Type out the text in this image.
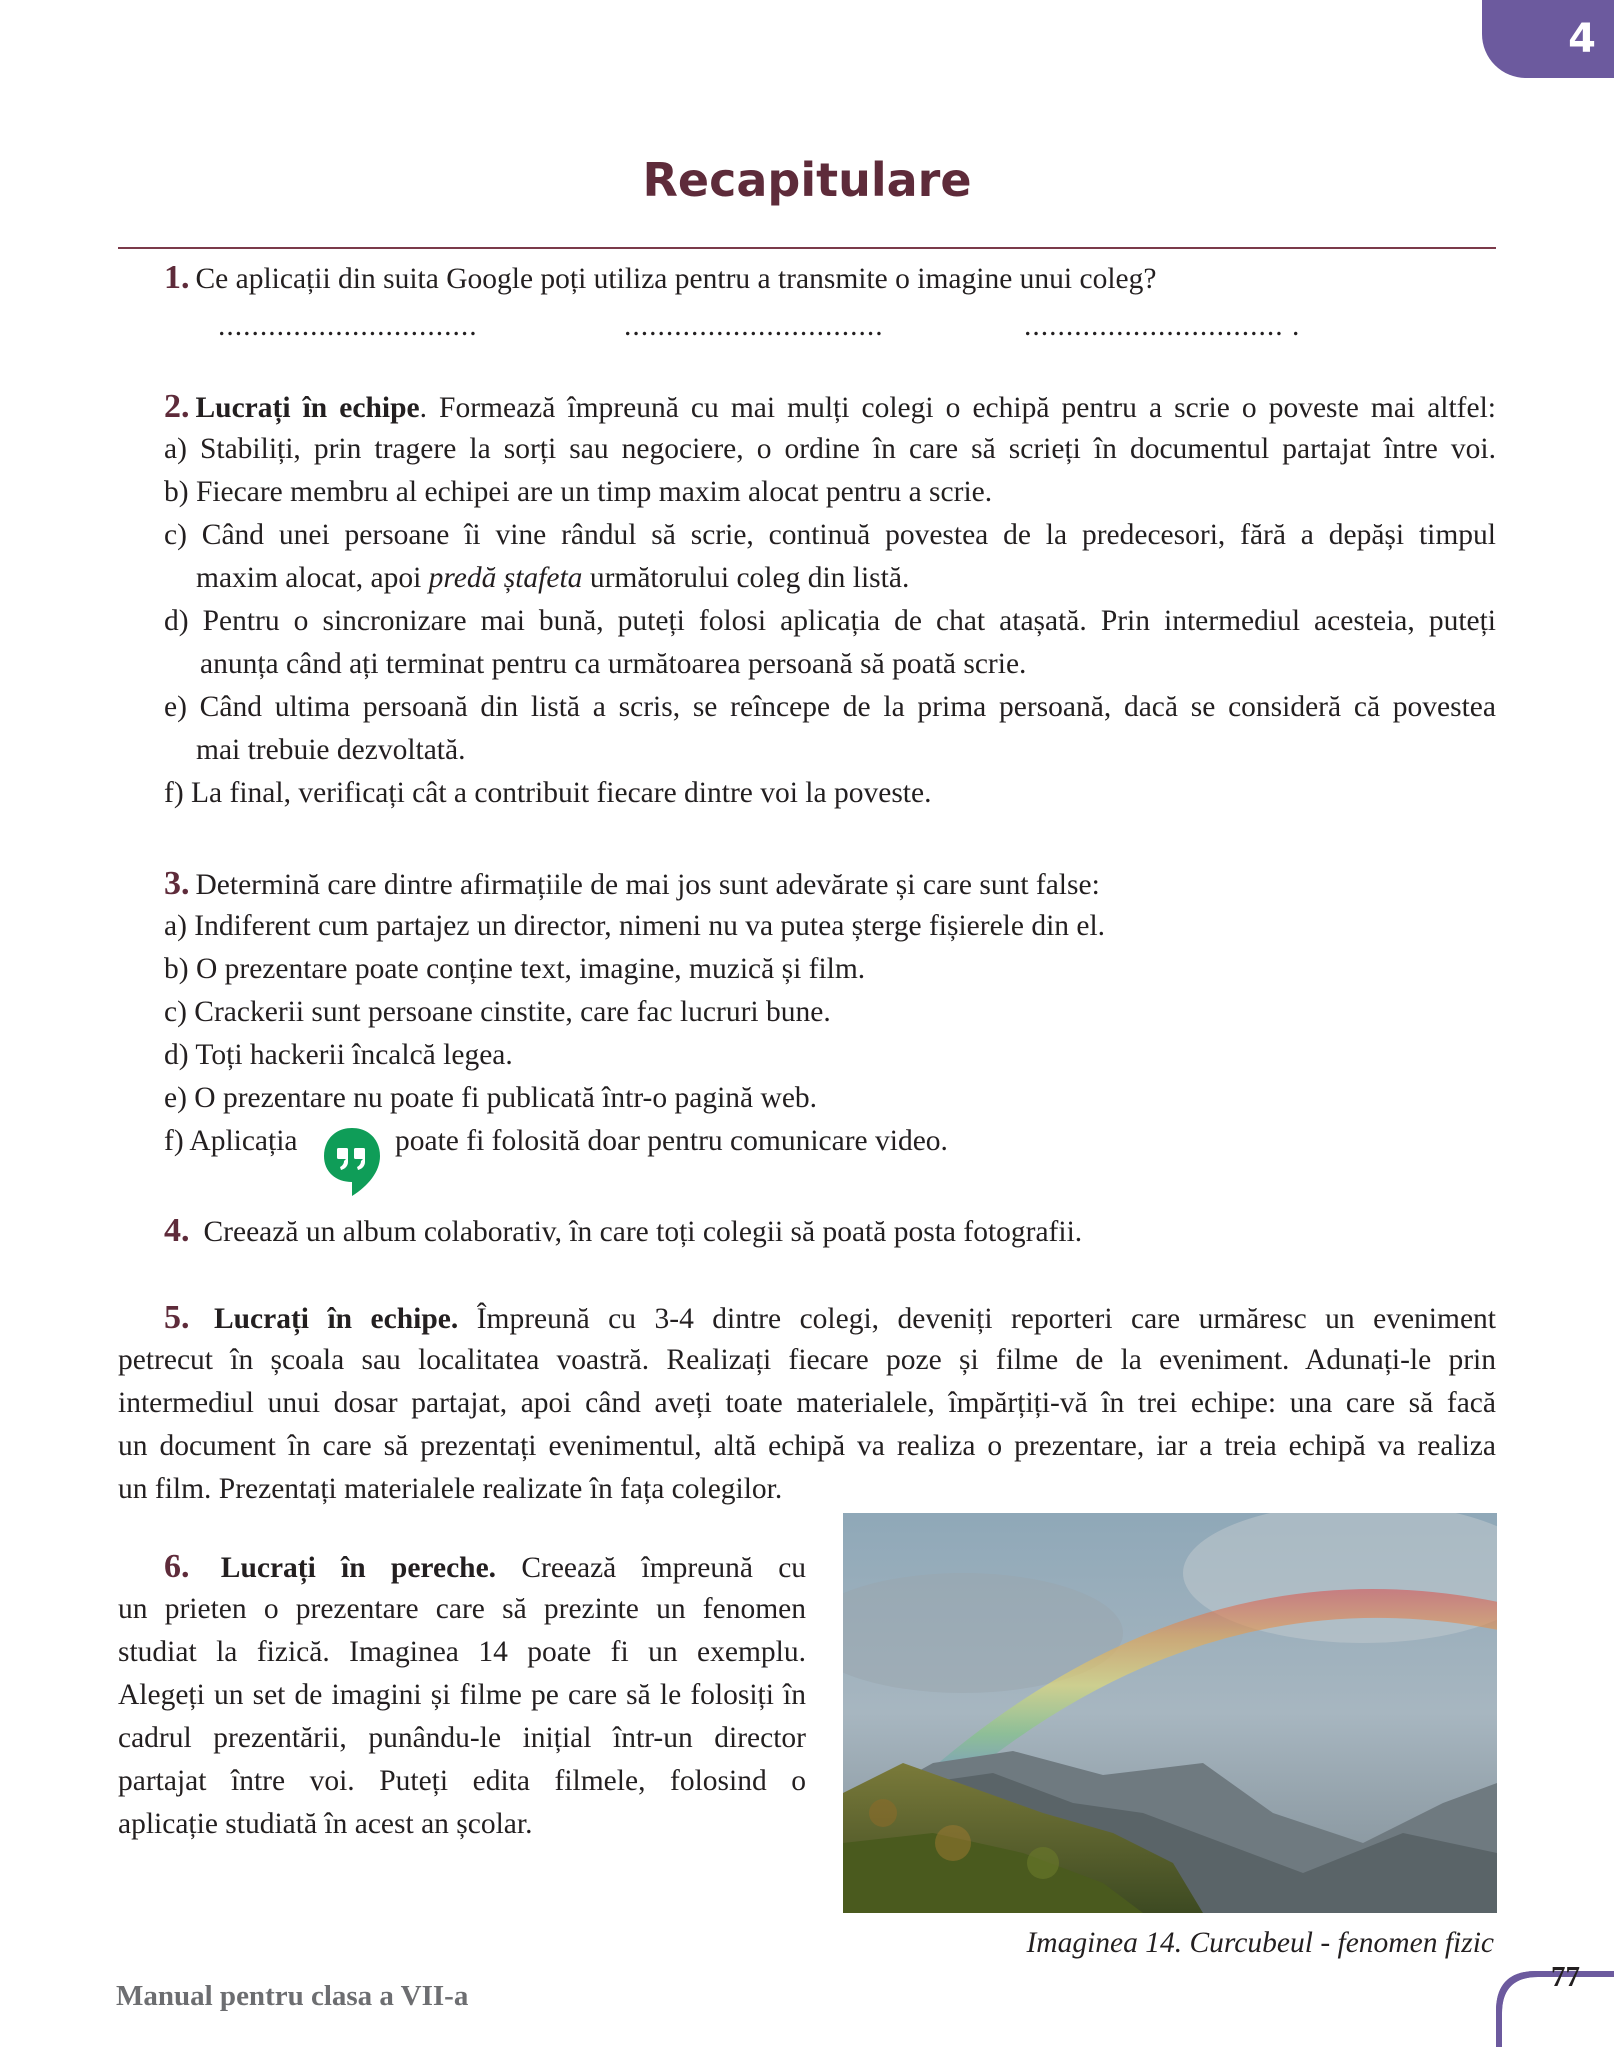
4
Recapitulare
1. Ce aplicații din suita Google poți utiliza pentru a transmite o imagine unui coleg?
...............................	...............................	............................... .
2. Lucrați în echipe. Formează împreună cu mai mulți colegi o echipă pentru a scrie o poveste mai altfel:
a) Stabiliți, prin tragere la sorți sau negociere, o ordine în care să scrieți în documentul partajat între voi.
b) Fiecare membru al echipei are un timp maxim alocat pentru a scrie.
c) Când unei persoane îi vine rândul să scrie, continuă povestea de la predecesori, fără a depăși timpul
maxim alocat, apoi predă ștafeta următorului coleg din listă.
d) Pentru o sincronizare mai bună, puteți folosi aplicația de chat atașată. Prin intermediul acesteia, puteți
anunța când ați terminat pentru ca următoarea persoană să poată scrie.
e) Când ultima persoană din listă a scris, se reîncepe de la prima persoană, dacă se consideră că povestea
mai trebuie dezvoltată.
f) La final, verificați cât a contribuit fiecare dintre voi la poveste.
3. Determină care dintre afirmațiile de mai jos sunt adevărate și care sunt false:
a) Indiferent cum partajez un director, nimeni nu va putea șterge fișierele din el.
b) O prezentare poate conține text, imagine, muzică și film.
c) Crackerii sunt persoane cinstite, care fac lucruri bune.
d) Toți hackerii încalcă legea.
e) O prezentare nu poate fi publicată într-o pagină web.
f) Aplicația	poate fi folosită doar pentru comunicare video.
4. Creează un album colaborativ, în care toți colegii să poată posta fotografii.
5. Lucrați în echipe. Împreună cu 3-4 dintre colegi, deveniți reporteri care urmăresc un eveniment
petrecut în școala sau localitatea voastră. Realizați fiecare poze și filme de la eveniment. Adunați-le prin
intermediul unui dosar partajat, apoi când aveți toate materialele, împărțiți-vă în trei echipe: una care să facă
un document în care să prezentați evenimentul, altă echipă va realiza o prezentare, iar a treia echipă va realiza
un film. Prezentați materialele realizate în fața colegilor.
6. Lucrați în pereche. Creează împreună cu
un prieten o prezentare care să prezinte un fenomen
studiat la fizică. Imaginea 14 poate fi un exemplu.
Alegeți un set de imagini și filme pe care să le folosiți în
cadrul prezentării, punându-le inițial într-un director
partajat între voi. Puteți edita filmele, folosind o
aplicație studiată în acest an școlar.
Imaginea 14. Curcubeul - fenomen fizic
Manual pentru clasa a VII-a
77
